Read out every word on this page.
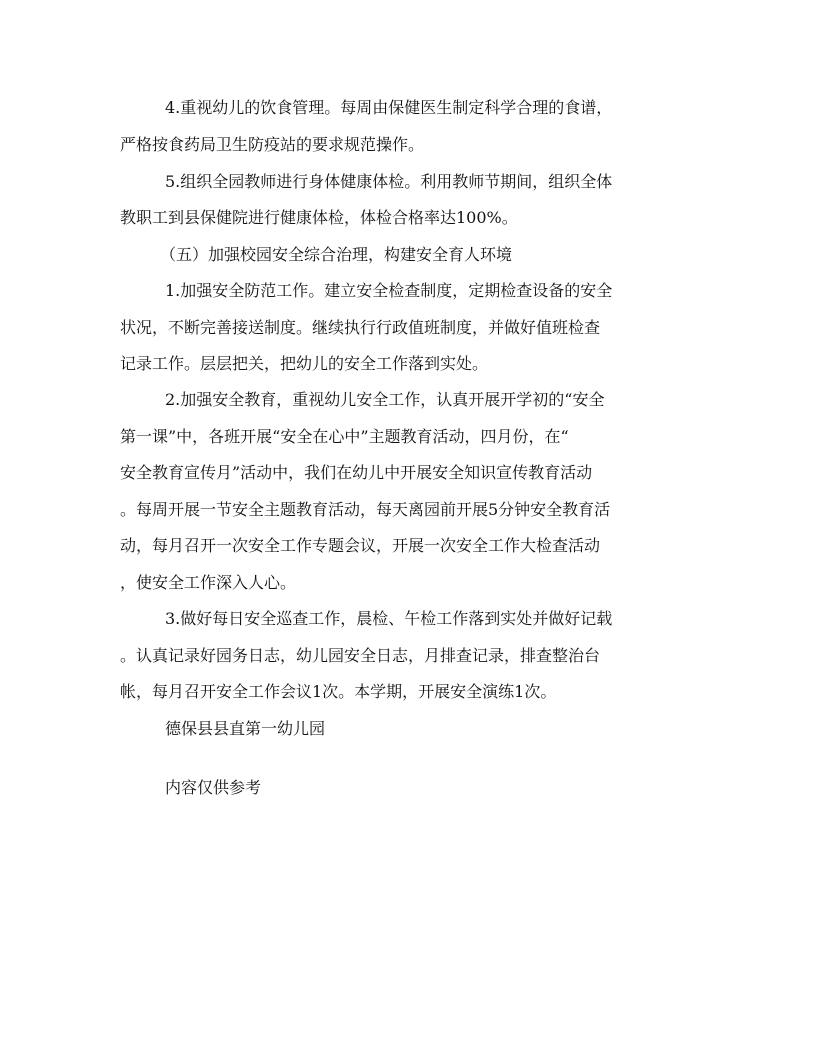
4.重视幼儿的饮食管理。每周由保健医生制定科学合理的食谱，
严格按食药局卫生防疫站的要求规范操作。
5.组织全园教师进行身体健康体检。利用教师节期间，组织全体
教职工到县保健院进行健康体检，体检合格率达100%。
（五）加强校园安全综合治理，构建安全育人环境
1.加强安全防范工作。建立安全检查制度，定期检查设备的安全
状况，不断完善接送制度。继续执行行政值班制度，并做好值班检查
记录工作。层层把关，把幼儿的安全工作落到实处。
2.加强安全教育，重视幼儿安全工作，认真开展开学初的“安全
第一课”中，各班开展“安全在心中”主题教育活动，四月份，在“
安全教育宣传月”活动中，我们在幼儿中开展安全知识宣传教育活动
。每周开展一节安全主题教育活动，每天离园前开展5分钟安全教育活
动，每月召开一次安全工作专题会议，开展一次安全工作大检查活动
，使安全工作深入人心。
3.做好每日安全巡查工作，晨检、午检工作落到实处并做好记载
。认真记录好园务日志，幼儿园安全日志，月排查记录，排查整治台
帐，每月召开安全工作会议1次。本学期，开展安全演练1次。
德保县县直第一幼儿园
内容仅供参考
